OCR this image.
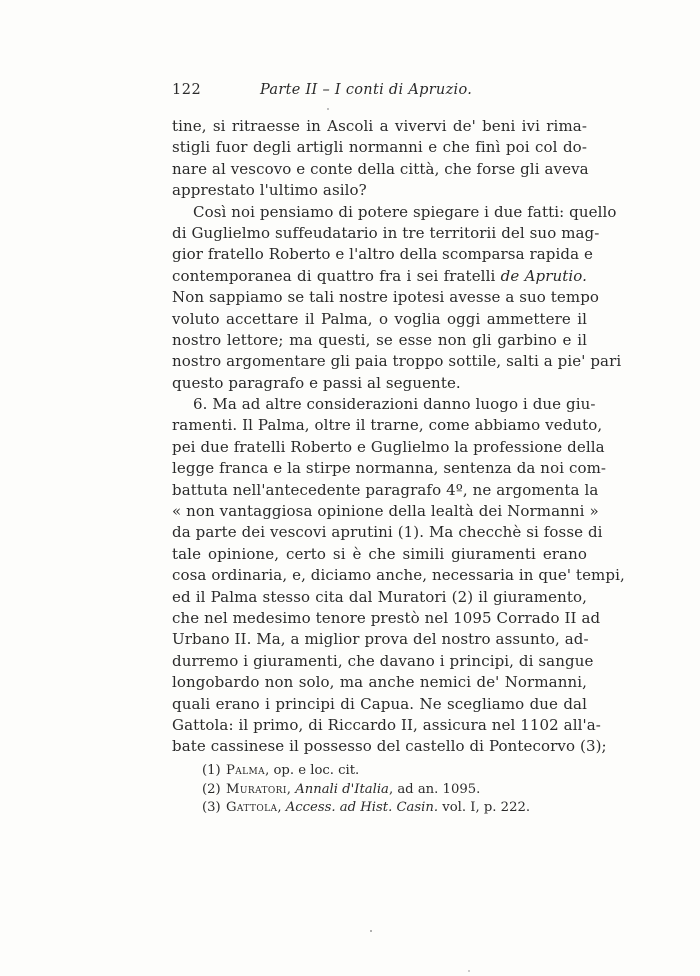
122	Parte II – I conti di Apruzio.
tine, si ritraesse in Ascoli a vivervi de' beni ivi rima-
stigli fuor degli artigli normanni e che finì poi col do-
nare al vescovo e conte della città, che forse gli aveva
apprestato l'ultimo asilo?
Così noi pensiamo di potere spiegare i due fatti: quello
di Guglielmo suffeudatario in tre territorii del suo mag-
gior fratello Roberto e l'altro della scomparsa rapida e
contemporanea di quattro fra i sei fratelli de Aprutio.
Non sappiamo se tali nostre ipotesi avesse a suo tempo
voluto accettare il Palma, o voglia oggi ammettere il
nostro lettore; ma questi, se esse non gli garbino e il
nostro argomentare gli paia troppo sottile, salti a pie' pari
questo paragrafo e passi al seguente.
6. Ma ad altre considerazioni danno luogo i due giu-
ramenti. Il Palma, oltre il trarne, come abbiamo veduto,
pei due fratelli Roberto e Guglielmo la professione della
legge franca e la stirpe normanna, sentenza da noi com-
battuta nell'antecedente paragrafo 4º, ne argomenta la
« non vantaggiosa opinione della lealtà dei Normanni »
da parte dei vescovi aprutini (1). Ma checchè si fosse di
tale opinione, certo si è che simili giuramenti erano
cosa ordinaria, e, diciamo anche, necessaria in que' tempi,
ed il Palma stesso cita dal Muratori (2) il giuramento,
che nel medesimo tenore prestò nel 1095 Corrado II ad
Urbano II. Ma, a miglior prova del nostro assunto, ad-
durremo i giuramenti, che davano i principi, di sangue
longobardo non solo, ma anche nemici de' Normanni,
quali erano i principi di Capua. Ne scegliamo due dal
Gattola: il primo, di Riccardo II, assicura nel 1102 all'a-
bate cassinese il possesso del castello di Pontecorvo (3);
(1) Palma, op. e loc. cit.
(2) Muratori, Annali d'Italia, ad an. 1095.
(3) Gattola, Access. ad Hist. Casin. vol. I, p. 222.
